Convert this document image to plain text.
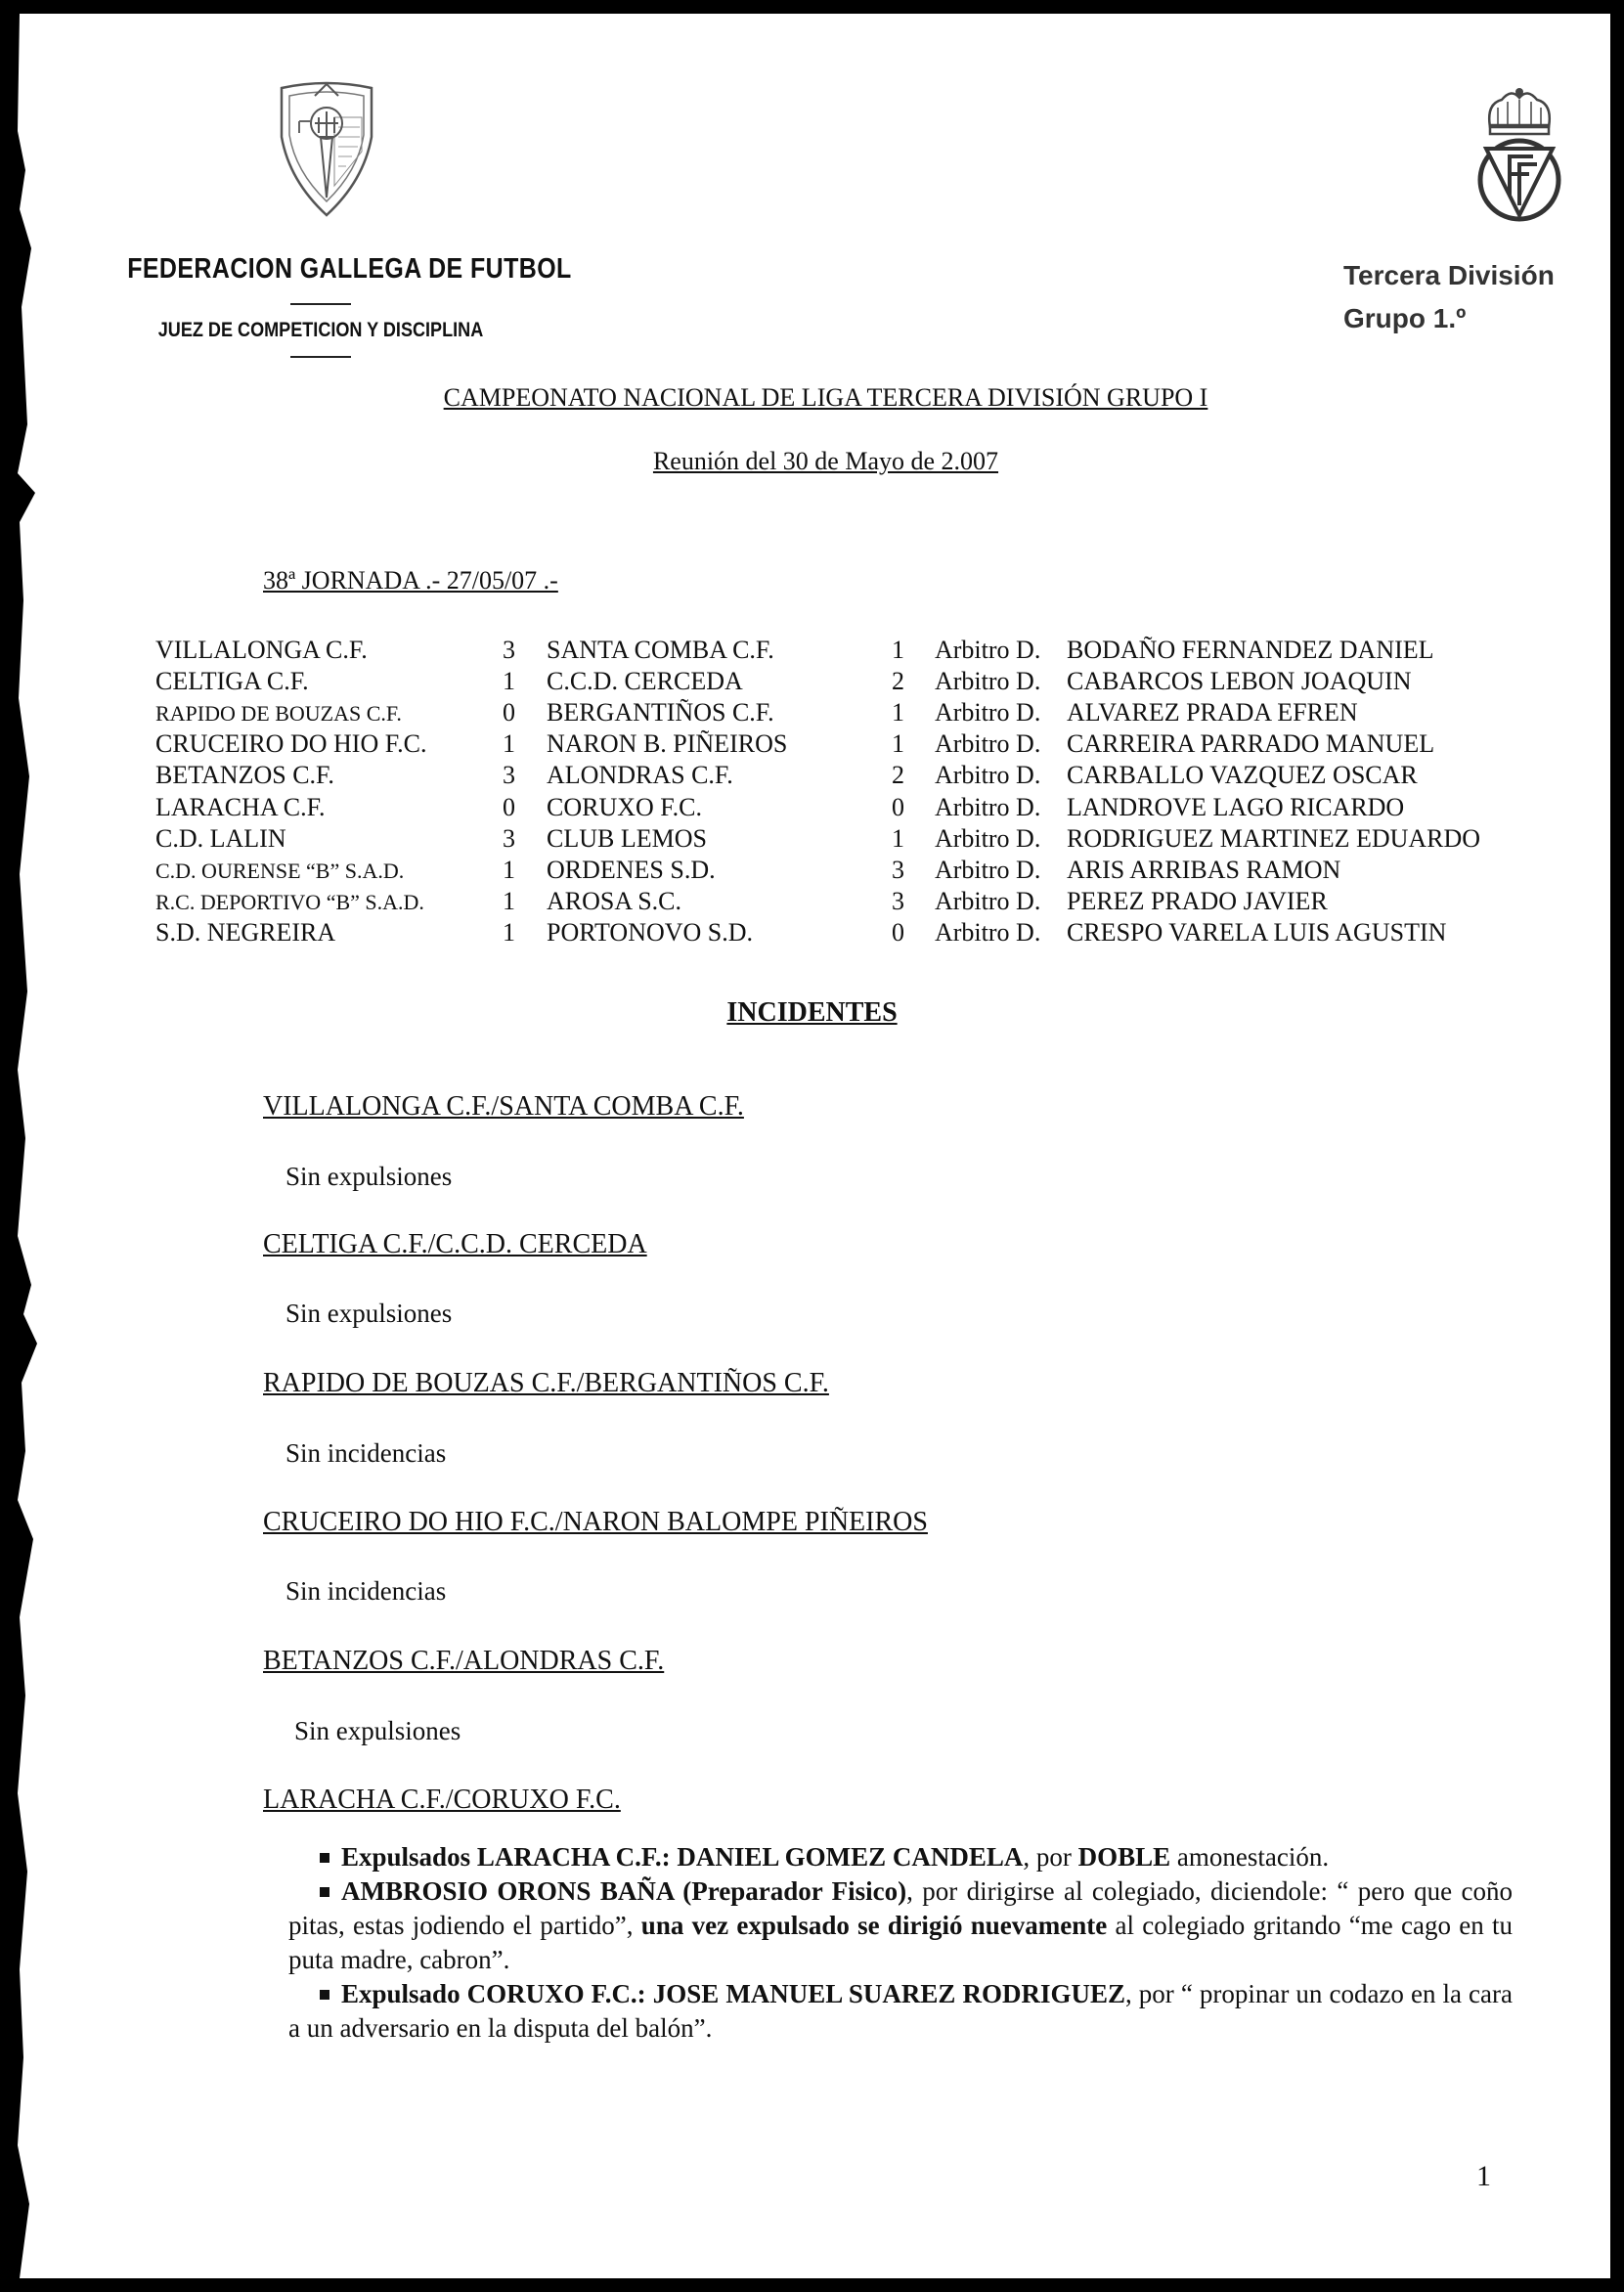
FEDERACION GALLEGA DE FUTBOL
JUEZ DE COMPETICION Y DISCIPLINA
Tercera División
Grupo 1.º
CAMPEONATO NACIONAL DE LIGA TERCERA DIVISIÓN GRUPO I
Reunión del 30 de Mayo de 2.007
38ª JORNADA .- 27/05/07 .-
VILLALONGA C.F.	3 SANTA COMBA C.F.	1 Arbitro D. BODAÑO FERNANDEZ DANIEL
CELTIGA C.F.	1 C.C.D. CERCEDA	2 Arbitro D. CABARCOS LEBON JOAQUIN
RAPIDO DE BOUZAS C.F.	0 BERGANTIÑOS C.F.	1 Arbitro D. ALVAREZ PRADA EFREN
CRUCEIRO DO HIO F.C.	1 NARON B. PIÑEIROS	1 Arbitro D. CARREIRA PARRADO MANUEL
BETANZOS C.F.	3 ALONDRAS C.F.	2 Arbitro D. CARBALLO VAZQUEZ OSCAR
LARACHA C.F.	0 CORUXO F.C.	0 Arbitro D. LANDROVE LAGO RICARDO
C.D. LALIN	3 CLUB LEMOS	1 Arbitro D. RODRIGUEZ MARTINEZ EDUARDO
C.D. OURENSE “B” S.A.D.	1 ORDENES S.D.	3 Arbitro D. ARIS ARRIBAS RAMON
R.C. DEPORTIVO “B” S.A.D.	1 AROSA S.C.	3 Arbitro D. PEREZ PRADO JAVIER
S.D. NEGREIRA	1 PORTONOVO S.D.	0 Arbitro D. CRESPO VARELA LUIS AGUSTIN
INCIDENTES
VILLALONGA C.F./SANTA COMBA C.F.
Sin expulsiones
CELTIGA C.F./C.C.D. CERCEDA
Sin expulsiones
RAPIDO DE BOUZAS C.F./BERGANTIÑOS C.F.
Sin incidencias
CRUCEIRO DO HIO F.C./NARON BALOMPE PIÑEIROS
Sin incidencias
BETANZOS C.F./ALONDRAS C.F.
Sin expulsiones
LARACHA C.F./CORUXO F.C.

Expulsados LARACHA C.F.: DANIEL GOMEZ CANDELA, por DOBLE amonestación.

AMBROSIO ORONS BAÑA (Preparador Fisico), por dirigirse al colegiado, diciendole: “ pero que coño pitas, estas jodiendo el partido”, una vez expulsado se dirigió nuevamente al colegiado gritando “me cago en tu puta madre, cabron”.

Expulsado CORUXO F.C.: JOSE MANUEL SUAREZ RODRIGUEZ, por “ propinar un codazo en la cara a un adversario en la disputa del balón”.

1
